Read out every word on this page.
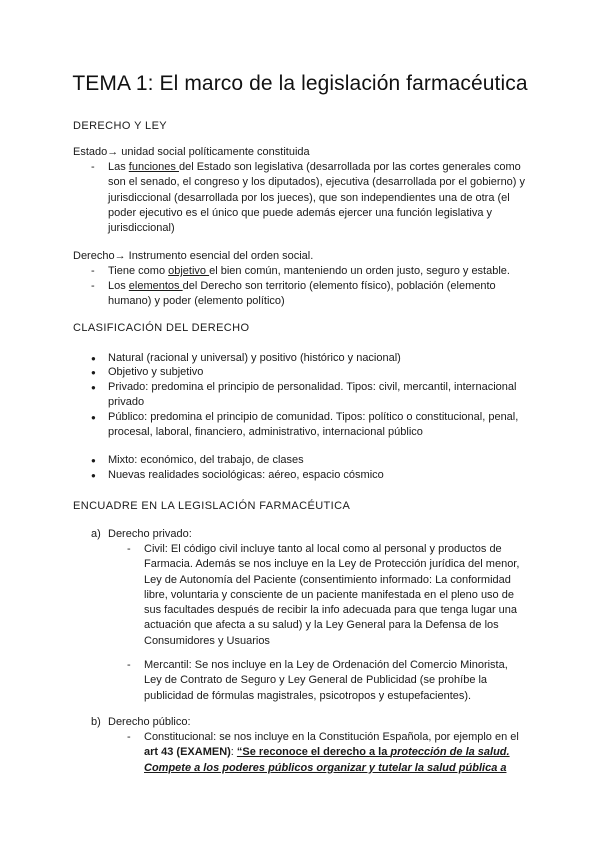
TEMA 1: El marco de la legislación farmacéutica
DERECHO Y LEY
Estado→ unidad social políticamente constituida
- Las funciones del Estado son legislativa (desarrollada por las cortes generales como son el senado, el congreso y los diputados), ejecutiva (desarrollada por el gobierno) y jurisdiccional (desarrollada por los jueces), que son independientes una de otra (el poder ejecutivo es el único que puede además ejercer una función legislativa y jurisdiccional)
Derecho→ Instrumento esencial del orden social.
- Tiene como objetivo el bien común, manteniendo un orden justo, seguro y estable.
- Los elementos del Derecho son territorio (elemento físico), población (elemento humano) y poder (elemento político)
CLASIFICACIÓN DEL DERECHO
● Natural (racional y universal) y positivo (histórico y nacional)
● Objetivo y subjetivo
● Privado: predomina el principio de personalidad. Tipos: civil, mercantil, internacional privado
● Público: predomina el principio de comunidad. Tipos: político o constitucional, penal, procesal, laboral, financiero, administrativo, internacional público
● Mixto: económico, del trabajo, de clases
● Nuevas realidades sociológicas: aéreo, espacio cósmico
ENCUADRE EN LA LEGISLACIÓN FARMACÉUTICA
a) Derecho privado:
- Civil: El código civil incluye tanto al local como al personal y productos de Farmacia. Además se nos incluye en la Ley de Protección jurídica del menor, Ley de Autonomía del Paciente (consentimiento informado: La conformidad libre, voluntaria y consciente de un paciente manifestada en el pleno uso de sus facultades después de recibir la info adecuada para que tenga lugar una actuación que afecta a su salud) y la Ley General para la Defensa de los Consumidores y Usuarios
- Mercantil: Se nos incluye en la Ley de Ordenación del Comercio Minorista, Ley de Contrato de Seguro y Ley General de Publicidad (se prohíbe la publicidad de fórmulas magistrales, psicotropos y estupefacientes).
b) Derecho público:
- Constitucional: se nos incluye en la Constitución Española, por ejemplo en el art 43 (EXAMEN): “Se reconoce el derecho a la protección de la salud.
Compete a los poderes públicos organizar y tutelar la salud pública a
